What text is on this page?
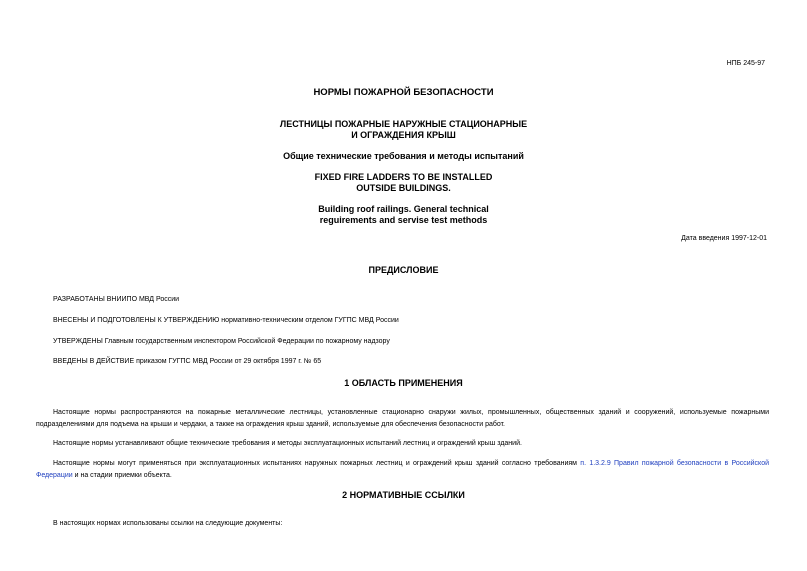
НПБ 245-97
НОРМЫ ПОЖАРНОЙ БЕЗОПАСНОСТИ
ЛЕСТНИЦЫ ПОЖАРНЫЕ НАРУЖНЫЕ СТАЦИОНАРНЫЕ
И ОГРАЖДЕНИЯ КРЫШ
Общие технические требования и методы испытаний
FIXED FIRE LADDERS TO BE INSTALLED
OUTSIDE BUILDINGS.
Building roof railings. General technical
reguirements and servise test methods
Дата введения 1997-12-01
ПРЕДИСЛОВИЕ
РАЗРАБОТАНЫ ВНИИПО МВД России
ВНЕСЕНЫ И ПОДГОТОВЛЕНЫ К УТВЕРЖДЕНИЮ нормативно-техническим отделом ГУГПС МВД России
УТВЕРЖДЕНЫ Главным государственным инспектором Российской Федерации по пожарному надзору
ВВЕДЕНЫ В ДЕЙСТВИЕ приказом ГУГПС МВД России от 29 октября 1997 г. № 65
1 ОБЛАСТЬ ПРИМЕНЕНИЯ
Настоящие нормы распространяются на пожарные металлические лестницы, установленные стационарно снаружи жилых, промышленных, общественных зданий и сооружений, используемые пожарными подразделениями для подъема на крыши и чердаки, а также на ограждения крыш зданий, используемые для обеспечения безопасности работ.
Настоящие нормы устанавливают общие технические требования и методы эксплуатационных испытаний лестниц и ограждений крыш зданий.
Настоящие нормы могут применяться при эксплуатационных испытаниях наружных пожарных лестниц и ограждений крыш зданий согласно требованиям п. 1.3.2.9 Правил пожарной безопасности в Российской Федерации и на стадии приемки объекта.
2 НОРМАТИВНЫЕ ССЫЛКИ
В настоящих нормах использованы ссылки на следующие документы:
